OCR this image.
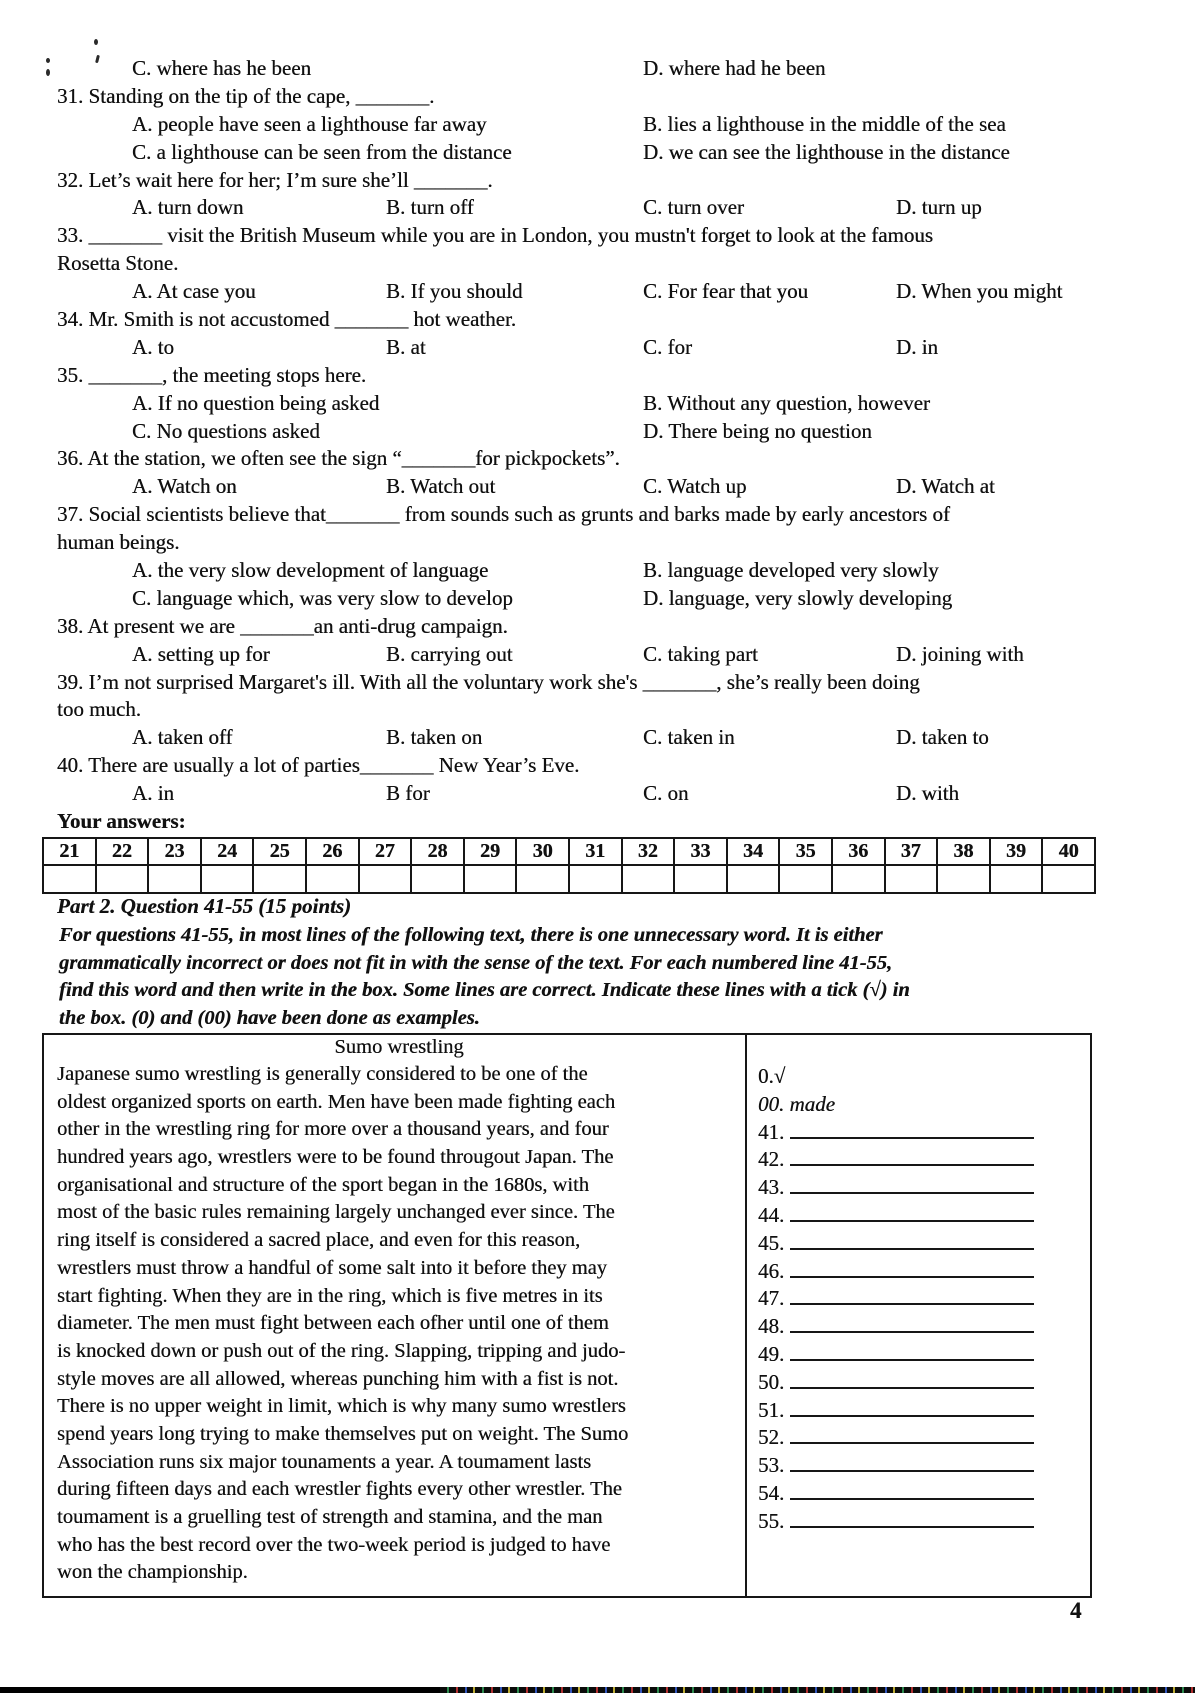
C. where has he been	D. where had he been
31. Standing on the tip of the cape, _______.
A. people have seen a lighthouse far away	B. lies a lighthouse in the middle of the sea
C. a lighthouse can be seen from the distance	D. we can see the lighthouse in the distance
32. Let’s wait here for her; I’m sure she’ll _______.
A. turn down	B. turn off	C. turn over	D. turn up
33. _______ visit the British Museum while you are in London, you mustn't forget to look at the famous
Rosetta Stone.
A. At case you	B. If you should	C. For fear that you	D. When you might
34. Mr. Smith is not accustomed _______ hot weather.
A. to	B. at	C. for	D. in
35. _______, the meeting stops here.
A. If no question being asked	B. Without any question, however
C. No questions asked	D. There being no question
36. At the station, we often see the sign “_______for pickpockets”.
A. Watch on	B. Watch out	C. Watch up	D. Watch at
37. Social scientists believe that_______ from sounds such as grunts and barks made by early ancestors of
human beings.
A. the very slow development of language	B. language developed very slowly
C. language which, was very slow to develop	D. language, very slowly developing
38. At present we are _______an anti-drug campaign.
A. setting up for	B. carrying out	C. taking part	D. joining with
39. I’m not surprised Margaret's ill. With all the voluntary work she's _______, she’s really been doing
too much.
A. taken off	B. taken on	C. taken in	D. taken to
40. There are usually a lot of parties_______ New Year’s Eve.
A. in	B for	C. on	D. with
Your answers:
21	22	23	24	25	26	27	28	29	30	31	32	33	34	35	36	37	38	39	40

Part 2. Question 41-55 (15 points)
For questions 41-55, in most lines of the following text, there is one unnecessary word. It is either
grammatically incorrect or does not fit in with the sense of the text. For each numbered line 41-55,
find this word and then write in the box. Some lines are correct. Indicate these lines with a tick (√) in
the box. (0) and (00) have been done as examples.
Sumo wrestling
Japanese sumo wrestling is generally considered to be one of the
oldest organized sports on earth. Men have been made fighting each
other in the wrestling ring for more over a thousand years, and four
hundred years ago, wrestlers were to be found througout Japan. The
organisational and structure of the sport began in the 1680s, with
most of the basic rules remaining largely unchanged ever since. The
ring itself is considered a sacred place, and even for this reason,
wrestlers must throw a handful of some salt into it before they may
start fighting. When they are in the ring, which is five metres in its
diameter. The men must fight between each ofher until one of them
is knocked down or push out of the ring. Slapping, tripping and judo-
style moves are all allowed, whereas punching him with a fist is not.
There is no upper weight in limit, which is why many sumo wrestlers
spend years long trying to make themselves put on weight. The Sumo
Association runs six major tounaments a year. A toumament lasts
during fifteen days and each wrestler fights every other wrestler. The
toumament is a gruelling test of strength and stamina, and the man
who has the best record over the two-week period is judged to have
won the championship.
0.√
00. made
41.
42.
43.
44.
45.
46.
47.
48.
49.
50.
51.
52.
53.
54.
55.
4
